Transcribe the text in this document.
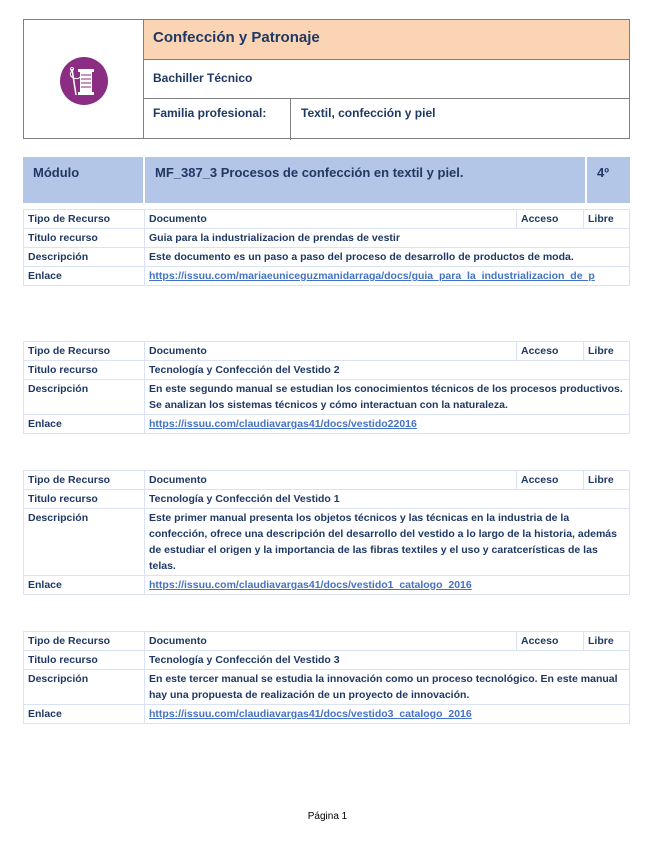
Confección y Patronaje
Bachiller Técnico
Familia profesional:	Textil, confección y piel
Módulo	MF_387_3 Procesos de confección en textil y piel.	4º
Tipo de Recurso	Documento	Acceso	Libre
Titulo recurso	Guia para la industrializacion de prendas de vestir		
Descripción	Este documento es un paso a paso del proceso de desarrollo de productos de moda.		
Enlace	https://issuu.com/mariaeuniceguzmanidarraga/docs/guia_para_la_industrializacion_de_p		
Tipo de Recurso	Documento	Acceso	Libre
Titulo recurso	Tecnología y Confección del Vestido 2		
Descripción	En este segundo manual se estudian los conocimientos técnicos de los procesos productivos. Se analizan los sistemas técnicos y cómo interactuan con la naturaleza.		
Enlace	https://issuu.com/claudiavargas41/docs/vestido22016		
Tipo de Recurso	Documento	Acceso	Libre
Titulo recurso	Tecnología y Confección del Vestido 1		
Descripción	Este primer manual presenta los objetos técnicos y las técnicas en la industria de la confección, ofrece una descripción del desarrollo del vestido a lo largo de la historia, además de estudiar el origen y la importancia de las fibras textiles y el uso y caratcerísticas de las telas.		
Enlace	https://issuu.com/claudiavargas41/docs/vestido1_catalogo_2016		
Tipo de Recurso	Documento	Acceso	Libre
Titulo recurso	Tecnología y Confección del Vestido 3		
Descripción	En este tercer manual se estudia la innovación como un proceso tecnológico. En este manual hay una propuesta de realización de un proyecto de innovación.		
Enlace	https://issuu.com/claudiavargas41/docs/vestido3_catalogo_2016		
Página 1
